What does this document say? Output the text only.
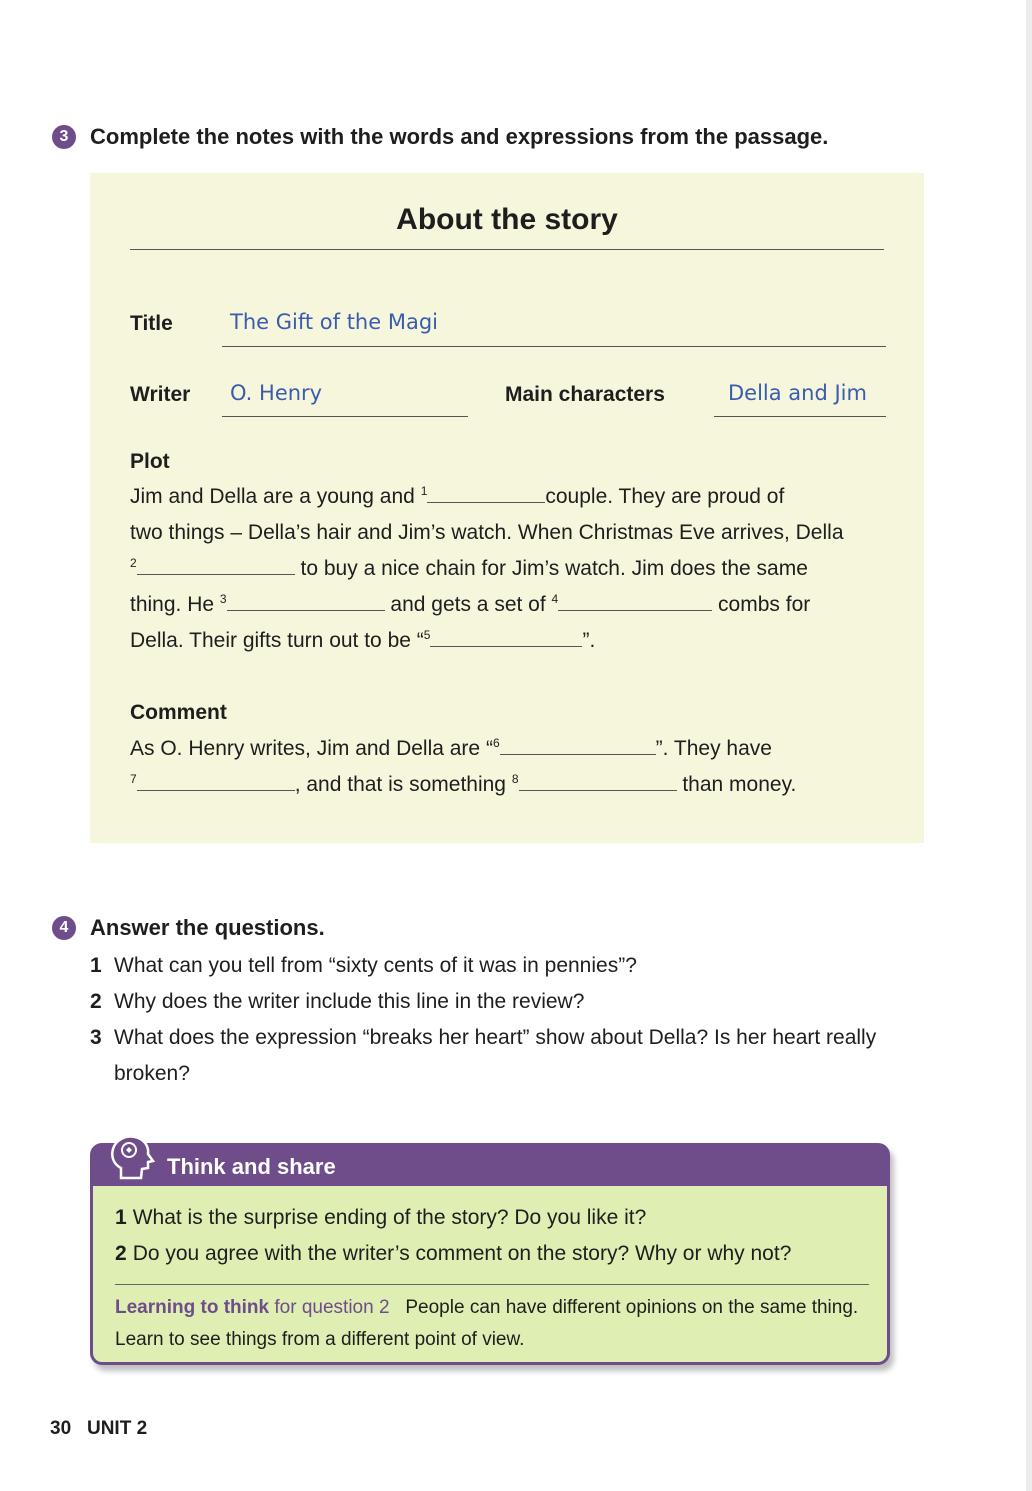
3 Complete the notes with the words and expressions from the passage.
About the story
Title	The Gift of the Magi
Writer O. Henry	Main characters	Della and Jim
Plot
Jim and Della are a young and $^1$	couple. They are proud of
two things – Della’s hair and Jim’s watch. When Christmas Eve arrives, Della
$^2$	to buy a nice chain for Jim’s watch. Jim does the same
thing. He $^3$	and gets a set of $^4$	combs for
Della. Their gifts turn out to be “$^5$	”.
Comment
As O. Henry writes, Jim and Della are “$^6$	”. They have
$^7$	, and that is something $^8$	than money.
4 Answer the questions.
1 What can you tell from “sixty cents of it was in pennies”?
2 Why does the writer include this line in the review?
3 What does the expression “breaks her heart” show about Della? Is her heart really broken?
Think and share
1 What is the surprise ending of the story? Do you like it?
2 Do you agree with the writer’s comment on the story? Why or why not?
Learning to think for question 2 People can have different opinions on the same thing. Learn to see things from a different point of view.
30 UNIT 2
